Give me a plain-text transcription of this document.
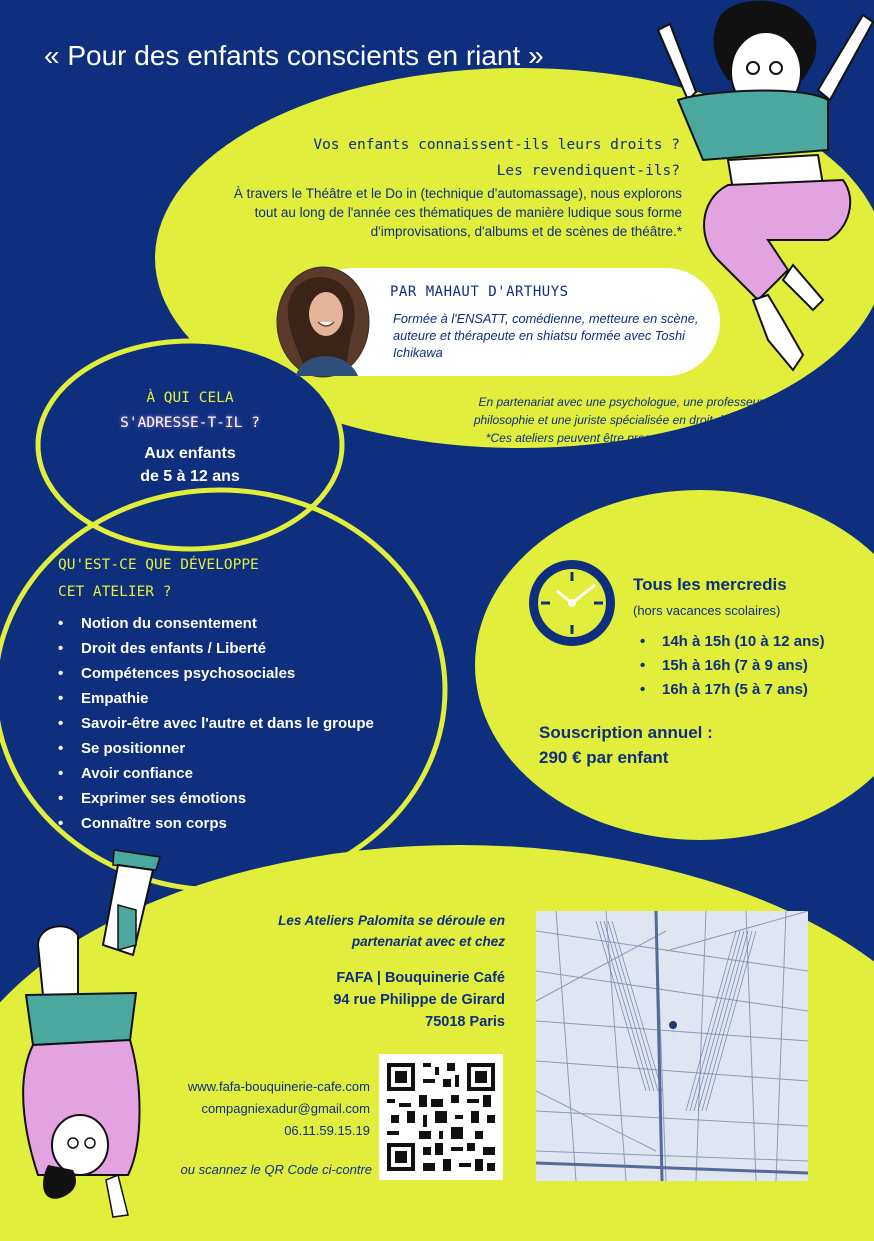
« Pour des enfants conscients en riant »
Vos enfants connaissent-ils leurs droits ?
Les revendiquent-ils?
À travers le Théâtre et le Do in (technique d'automassage), nous explorons tout au long de l'année ces thématiques de manière ludique sous forme d'improvisations, d'albums et de scènes de théâtre.*
PAR MAHAUT D'ARTHUYS
Formée à l'ENSATT, comédienne, metteure en scène, auteure et thérapeute en shiatsu formée avec Toshi Ichikawa
En partenariat avec une psychologue, une professeur de
philosophie et une juriste spécialisée en droit de la famille
*Ces ateliers peuvent être prescrits par les enseignants
À QUI CELA
S'ADRESSE-T-IL ?
Aux enfants
de 5 à 12 ans
QU'EST-CE QUE DÉVELOPPE
CET ATELIER ?
• Notion du consentement
• Droit des enfants / Liberté
• Compétences psychosociales
• Empathie
• Savoir-être avec l'autre et dans le groupe
• Se positionner
• Avoir confiance
• Exprimer ses émotions
• Connaître son corps
Tous les mercredis
(hors vacances scolaires)
• 14h à 15h (10 à 12 ans)
• 15h à 16h (7 à 9 ans)
• 16h à 17h (5 à 7 ans)
Souscription annuel :
290 € par enfant
Les Ateliers Palomita se déroule en
partenariat avec et chez
FAFA | Bouquinerie Café
94 rue Philippe de Girard
75018 Paris
www.fafa-bouquinerie-cafe.com
compagniexadur@gmail.com
06.11.59.15.19
ou scannez le QR Code ci-contre
